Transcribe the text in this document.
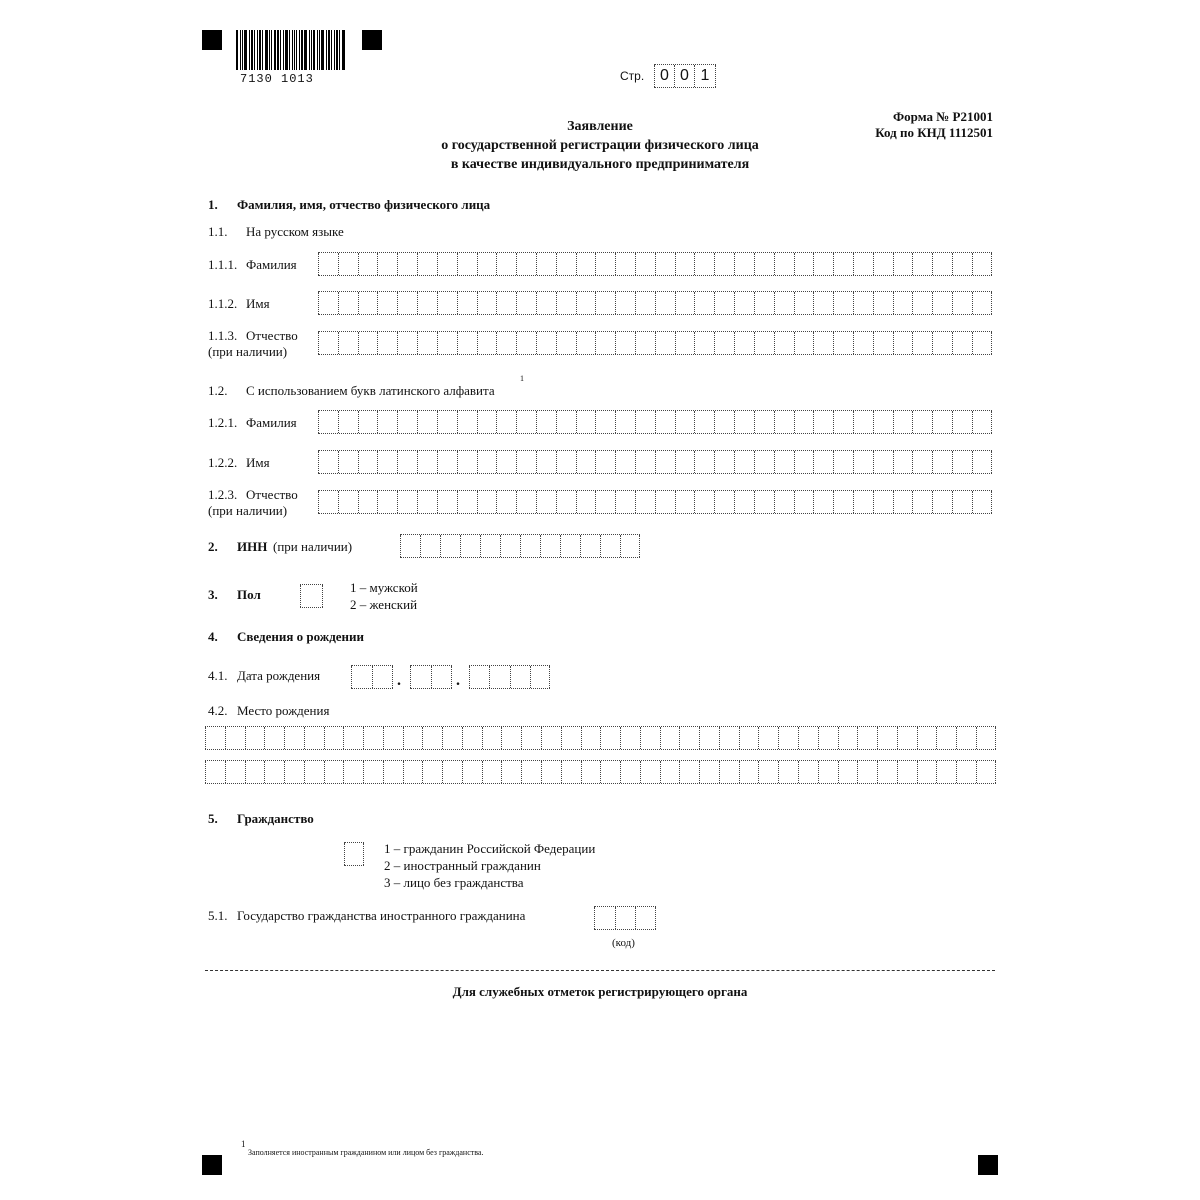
7130 1013	Стр. 0 0 1
Форма № Р21001
Код по КНД 1112501
Заявление
о государственной регистрации физического лица
в качестве индивидуального предпринимателя
1. Фамилия, имя, отчество физического лица
1.1. На русском языке
1.1.1. Фамилия
1.1.2. Имя
1.1.3. Отчество
(при наличии)
1.2. С использованием букв латинского алфавита
1
1.2.1. Фамилия
1.2.2. Имя
1.2.3. Отчество
(при наличии)
2. ИНН (при наличии)
3. Пол	1 – мужской
2 – женский
4. Сведения о рождении
4.1. Дата рождения	.	.
4.2. Место рождения
5. Гражданство
1 – гражданин Российской Федерации
2 – иностранный гражданин
3 – лицо без гражданства
5.1. Государство гражданства иностранного гражданина
(код)
Для служебных отметок регистрирующего органа
1
Заполняется иностранным гражданином или лицом без гражданства.
